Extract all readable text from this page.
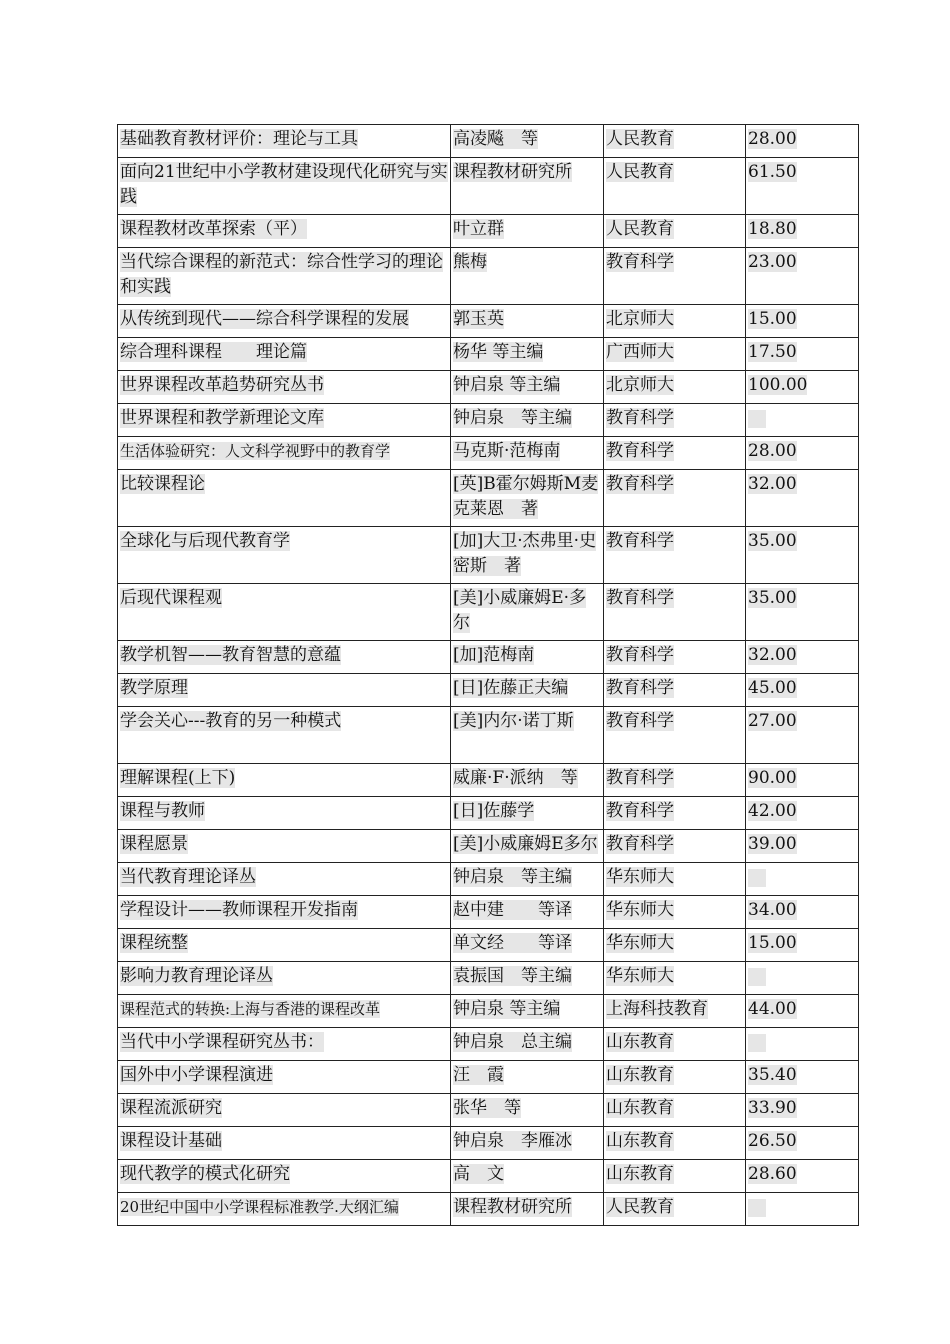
基础教育教材评价：理论与工具	高凌飚　等	人民教育	28.00
面向21世纪中小学教材建设现代化研究与实践	课程教材研究所	人民教育	61.50
课程教材改革探索（平）	叶立群	人民教育	18.80
当代综合课程的新范式：综合性学习的理论和实践	熊梅	教育科学	23.00
从传统到现代——综合科学课程的发展	郭玉英	北京师大	15.00
综合理科课程　　理论篇	杨华 等主编	广西师大	17.50
世界课程改革趋势研究丛书	钟启泉 等主编	北京师大	100.00
世界课程和教学新理论文库	钟启泉　等主编	教育科学	
生活体验研究：人文科学视野中的教育学	马克斯·范梅南	教育科学	28.00
比较课程论	[英]B霍尔姆斯M麦克莱恩　著	教育科学	32.00
全球化与后现代教育学	[加]大卫·杰弗里·史密斯　著	教育科学	35.00
后现代课程观	[美]小威廉姆E·多尔	教育科学	35.00
教学机智——教育智慧的意蕴	[加]范梅南	教育科学	32.00
教学原理	[日]佐藤正夫编	教育科学	45.00
学会关心---教育的另一种模式	[美]内尔·诺丁斯	教育科学	27.00
理解课程(上下)	威廉·F·派纳　等	教育科学	90.00
课程与教师	[日]佐藤学	教育科学	42.00
课程愿景	[美]小威廉姆E多尔	教育科学	39.00
当代教育理论译丛	钟启泉　等主编	华东师大	
学程设计——教师课程开发指南	赵中建　　等译	华东师大	34.00
课程统整	单文经　　等译	华东师大	15.00
影响力教育理论译丛	袁振国　等主编	华东师大	
课程范式的转换:上海与香港的课程改革	钟启泉 等主编	上海科技教育	44.00
当代中小学课程研究丛书：	钟启泉　总主编	山东教育	
国外中小学课程演进	汪　霞	山东教育	35.40
课程流派研究	张华　等	山东教育	33.90
课程设计基础	钟启泉　李雁冰	山东教育	26.50
现代教学的模式化研究	高　文	山东教育	28.60
20世纪中国中小学课程标准教学.大纲汇编	课程教材研究所	人民教育	
